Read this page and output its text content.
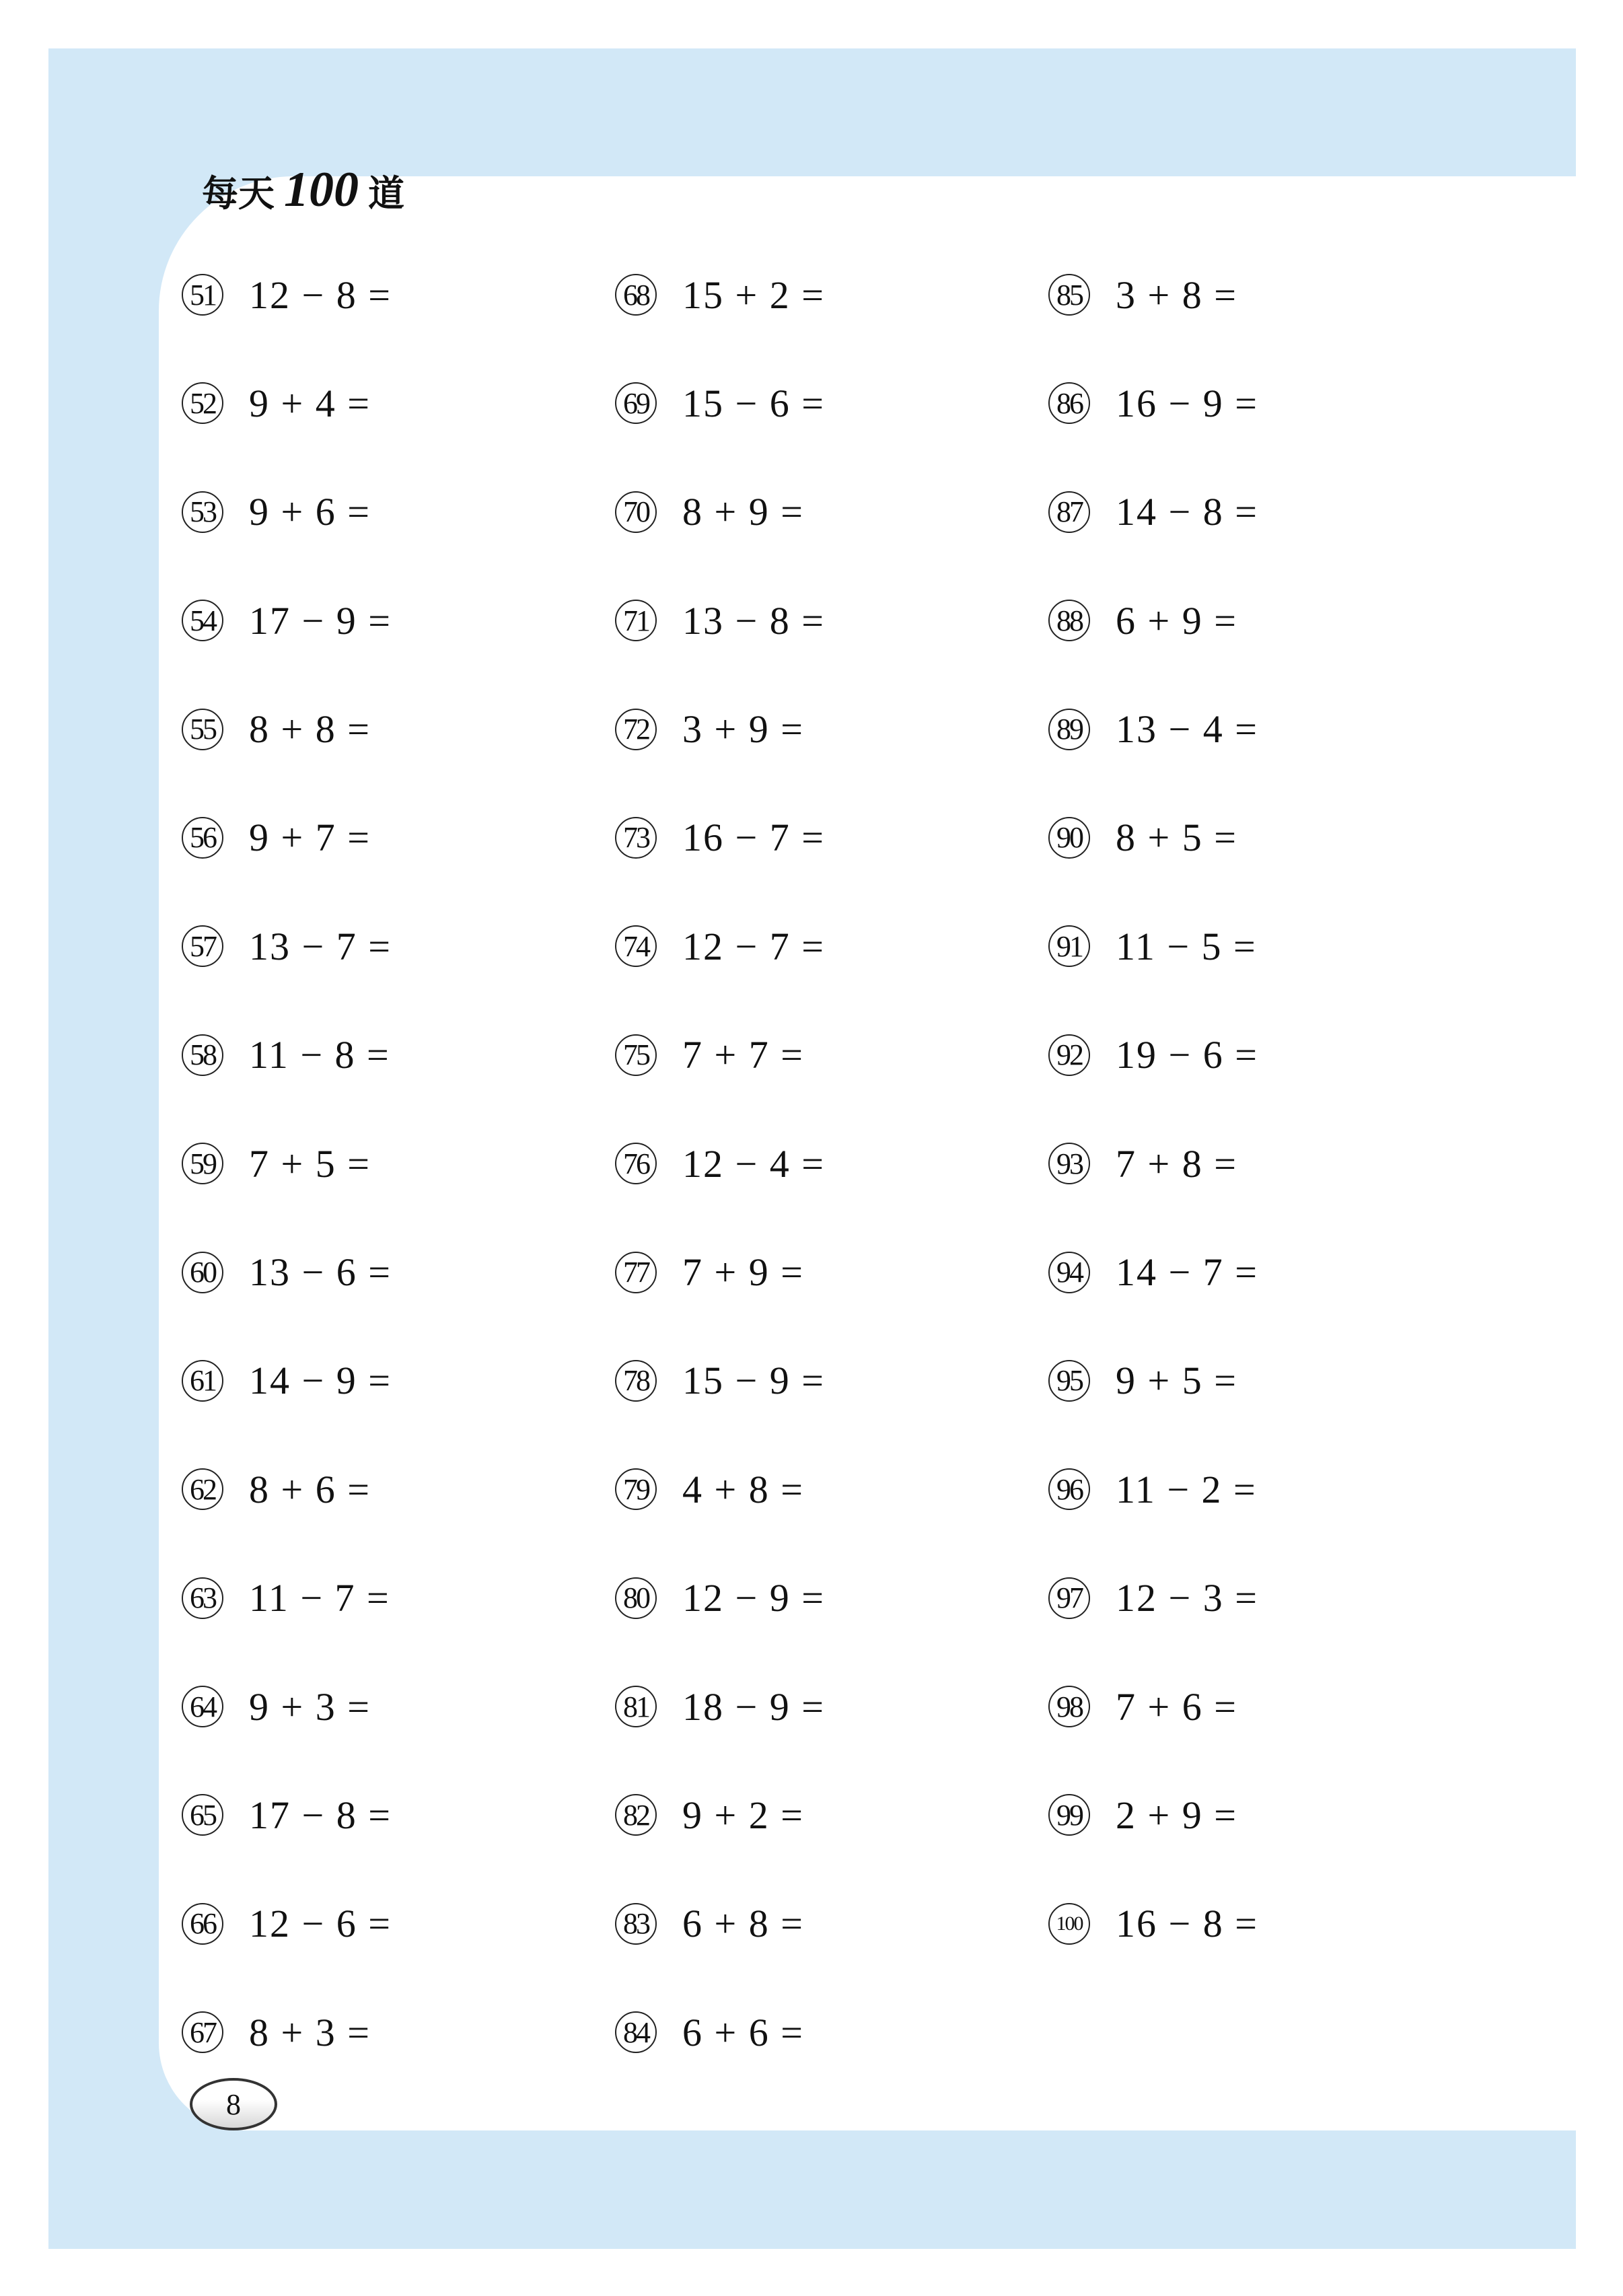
每天 100 道
51 12 − 8 =
52 9 + 4 =
53 9 + 6 =
54 17 − 9 =
55 8 + 8 =
56 9 + 7 =
57 13 − 7 =
58 11 − 8 =
59 7 + 5 =
60 13 − 6 =
61 14 − 9 =
62 8 + 6 =
63 11 − 7 =
64 9 + 3 =
65 17 − 8 =
66 12 − 6 =
67 8 + 3 =
68 15 + 2 =
69 15 − 6 =
70 8 + 9 =
71 13 − 8 =
72 3 + 9 =
73 16 − 7 =
74 12 − 7 =
75 7 + 7 =
76 12 − 4 =
77 7 + 9 =
78 15 − 9 =
79 4 + 8 =
80 12 − 9 =
81 18 − 9 =
82 9 + 2 =
83 6 + 8 =
84 6 + 6 =
85 3 + 8 =
86 16 − 9 =
87 14 − 8 =
88 6 + 9 =
89 13 − 4 =
90 8 + 5 =
91 11 − 5 =
92 19 − 6 =
93 7 + 8 =
94 14 − 7 =
95 9 + 5 =
96 11 − 2 =
97 12 − 3 =
98 7 + 6 =
99 2 + 9 =
100 16 − 8 =
8
